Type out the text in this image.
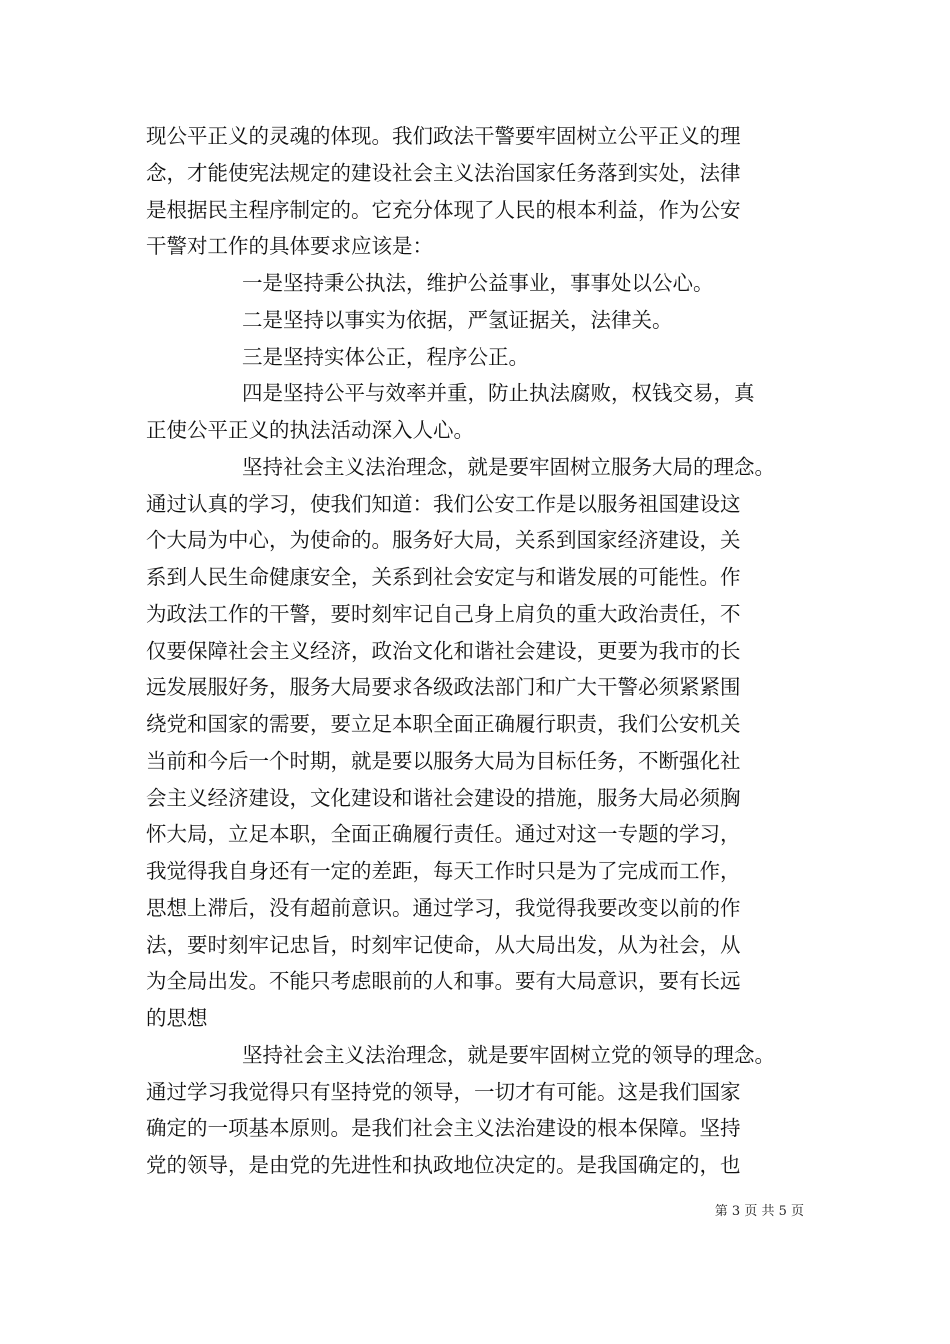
现公平正义的灵魂的体现。我们政法干警要牢固树立公平正义的理
念，才能使宪法规定的建设社会主义法治国家任务落到实处，法律
是根据民主程序制定的。它充分体现了人民的根本利益，作为公安
干警对工作的具体要求应该是：
一是坚持秉公执法，维护公益事业，事事处以公心。
二是坚持以事实为依据，严氢证据关，法律关。
三是坚持实体公正，程序公正。
四是坚持公平与效率并重，防止执法腐败，权钱交易，真
正使公平正义的执法活动深入人心。
坚持社会主义法治理念，就是要牢固树立服务大局的理念。
通过认真的学习，使我们知道：我们公安工作是以服务祖国建设这
个大局为中心，为使命的。服务好大局，关系到国家经济建设，关
系到人民生命健康安全，关系到社会安定与和谐发展的可能性。作
为政法工作的干警，要时刻牢记自己身上肩负的重大政治责任，不
仅要保障社会主义经济，政治文化和谐社会建设，更要为我市的长
远发展服好务，服务大局要求各级政法部门和广大干警必须紧紧围
绕党和国家的需要，要立足本职全面正确履行职责，我们公安机关
当前和今后一个时期，就是要以服务大局为目标任务，不断强化社
会主义经济建设，文化建设和谐社会建设的措施，服务大局必须胸
怀大局，立足本职，全面正确履行责任。通过对这一专题的学习，
我觉得我自身还有一定的差距，每天工作时只是为了完成而工作，
思想上滞后，没有超前意识。通过学习，我觉得我要改变以前的作
法，要时刻牢记忠旨，时刻牢记使命，从大局出发，从为社会，从
为全局出发。不能只考虑眼前的人和事。要有大局意识，要有长远
的思想
坚持社会主义法治理念，就是要牢固树立党的领导的理念。
通过学习我觉得只有坚持党的领导，一切才有可能。这是我们国家
确定的一项基本原则。是我们社会主义法治建设的根本保障。坚持
党的领导，是由党的先进性和执政地位决定的。是我国确定的，也
第 3 页 共 5 页
